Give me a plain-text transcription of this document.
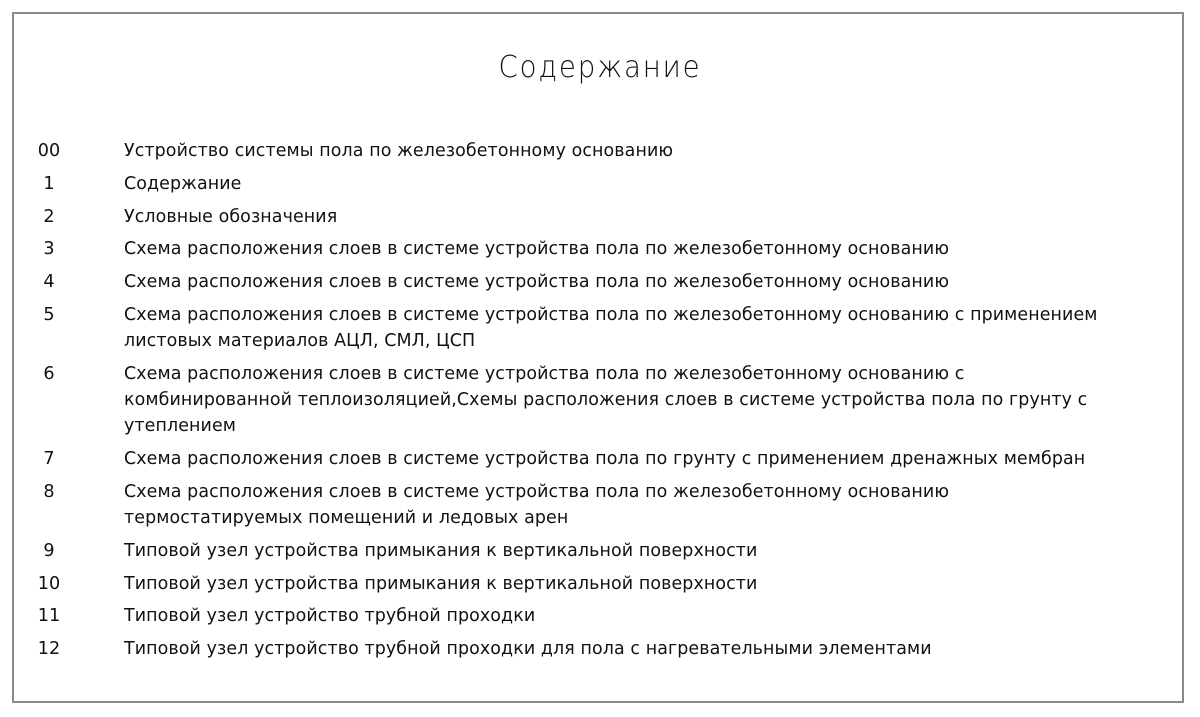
Содержание
00	Устройство системы пола по железобетонному основанию
1	Содержание
2	Условные обозначения
3	Схема расположения слоев в системе устройства пола по железобетонному основанию
4	Схема расположения слоев в системе устройства пола по железобетонному основанию
5	Схема расположения слоев в системе устройства пола по железобетонному основанию с применением
листовых материалов АЦЛ, СМЛ, ЦСП
6	Схема расположения слоев в системе устройства пола по железобетонному основанию с
комбинированной теплоизоляцией,Схемы расположения слоев в системе устройства пола по грунту с
утеплением
7	Схема расположения слоев в системе устройства пола по грунту с применением дренажных мембран
8	Схема расположения слоев в системе устройства пола по железобетонному основанию
термостатируемых помещений и ледовых арен
9	Типовой узел устройства примыкания к вертикальной поверхности
10	Типовой узел устройства примыкания к вертикальной поверхности
11	Типовой узел устройство трубной проходки
12	Типовой узел устройство трубной проходки для пола с нагревательными элементами
